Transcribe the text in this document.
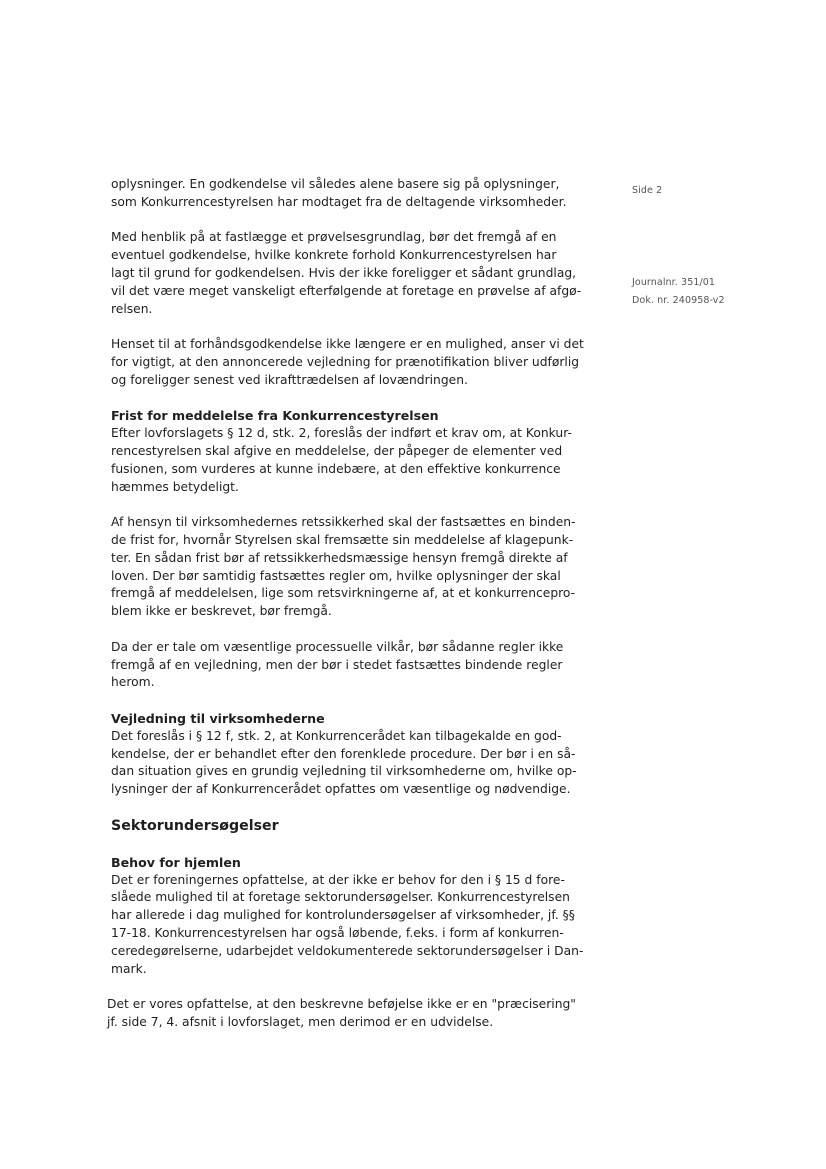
Side 2
Journalnr. 351/01
Dok. nr. 240958-v2

oplysninger. En godkendelse vil således alene basere sig på oplysninger,
som Konkurrencestyrelsen har modtaget fra de deltagende virksomheder.

Med henblik på at fastlægge et prøvelsesgrundlag, bør det fremgå af en
eventuel godkendelse, hvilke konkrete forhold Konkurrencestyrelsen har
lagt til grund for godkendelsen. Hvis der ikke foreligger et sådant grundlag,
vil det være meget vanskeligt efterfølgende at foretage en prøvelse af afgø-
relsen.

Henset til at forhåndsgodkendelse ikke længere er en mulighed, anser vi det
for vigtigt, at den annoncerede vejledning for prænotifikation bliver udførlig
og foreligger senest ved ikrafttrædelsen af lovændringen.

Frist for meddelelse fra Konkurrencestyrelsen
Efter lovforslagets § 12 d, stk. 2, foreslås der indført et krav om, at Konkur-
rencestyrelsen skal afgive en meddelelse, der påpeger de elementer ved
fusionen, som vurderes at kunne indebære, at den effektive konkurrence
hæmmes betydeligt.

Af hensyn til virksomhedernes retssikkerhed skal der fastsættes en binden-
de frist for, hvornår Styrelsen skal fremsætte sin meddelelse af klagepunk-
ter. En sådan frist bør af retssikkerhedsmæssige hensyn fremgå direkte af
loven. Der bør samtidig fastsættes regler om, hvilke oplysninger der skal
fremgå af meddelelsen, lige som retsvirkningerne af, at et konkurrencepro-
blem ikke er beskrevet, bør fremgå.

Da der er tale om væsentlige processuelle vilkår, bør sådanne regler ikke
fremgå af en vejledning, men der bør i stedet fastsættes bindende regler
herom.

Vejledning til virksomhederne
Det foreslås i § 12 f, stk. 2, at Konkurrencerådet kan tilbagekalde en god-
kendelse, der er behandlet efter den forenklede procedure. Der bør i en så-
dan situation gives en grundig vejledning til virksomhederne om, hvilke op-
lysninger der af Konkurrencerådet opfattes om væsentlige og nødvendige.

Sektorundersøgelser

Behov for hjemlen
Det er foreningernes opfattelse, at der ikke er behov for den i § 15 d fore-
slåede mulighed til at foretage sektorundersøgelser. Konkurrencestyrelsen
har allerede i dag mulighed for kontrolundersøgelser af virksomheder, jf. §§
17-18. Konkurrencestyrelsen har også løbende, f.eks. i form af konkurren-
ceredegørelserne, udarbejdet veldokumenterede sektorundersøgelser i Dan-
mark.

Det er vores opfattelse, at den beskrevne beføjelse ikke er en "præcisering"
jf. side 7, 4. afsnit i lovforslaget, men derimod er en udvidelse.
